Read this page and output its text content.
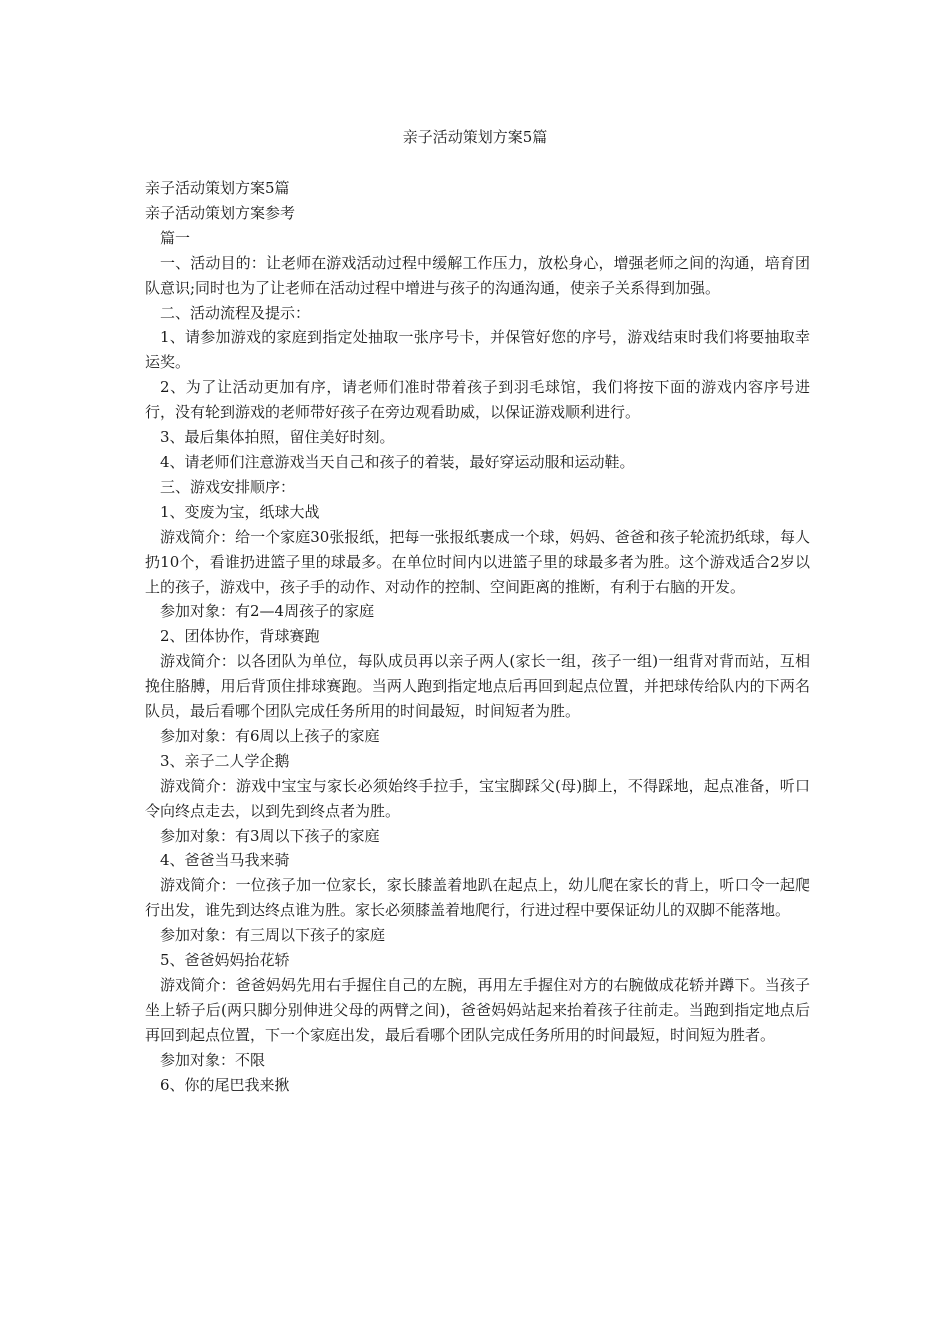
亲子活动策划方案5篇

亲子活动策划方案5篇

亲子活动策划方案参考

篇一

一、活动目的：让老师在游戏活动过程中缓解工作压力，放松身心，增强老师之间的沟通，培育团队意识;同时也为了让老师在活动过程中增进与孩子的沟通沟通，使亲子关系得到加强。

二、活动流程及提示：

1、请参加游戏的家庭到指定处抽取一张序号卡，并保管好您的序号，游戏结束时我们将要抽取幸运奖。

2、为了让活动更加有序，请老师们准时带着孩子到羽毛球馆，我们将按下面的游戏内容序号进行，没有轮到游戏的老师带好孩子在旁边观看助威，以保证游戏顺利进行。

3、最后集体拍照，留住美好时刻。

4、请老师们注意游戏当天自己和孩子的着装，最好穿运动服和运动鞋。

三、游戏安排顺序：

1、变废为宝，纸球大战

游戏简介：给一个家庭30张报纸，把每一张报纸裹成一个球，妈妈、爸爸和孩子轮流扔纸球，每人扔10个，看谁扔进篮子里的球最多。在单位时间内以进篮子里的球最多者为胜。这个游戏适合2岁以上的孩子，游戏中，孩子手的动作、对动作的控制、空间距离的推断，有利于右脑的开发。

参加对象：有2—4周孩子的家庭

2、团体协作，背球赛跑

游戏简介：以各团队为单位，每队成员再以亲子两人(家长一组，孩子一组)一组背对背而站，互相挽住胳膊，用后背顶住排球赛跑。当两人跑到指定地点后再回到起点位置，并把球传给队内的下两名队员，最后看哪个团队完成任务所用的时间最短，时间短者为胜。

参加对象：有6周以上孩子的家庭

3、亲子二人学企鹅

游戏简介：游戏中宝宝与家长必须始终手拉手，宝宝脚踩父(母)脚上，不得踩地，起点准备，听口令向终点走去，以到先到终点者为胜。

参加对象：有3周以下孩子的家庭

4、爸爸当马我来骑

游戏简介：一位孩子加一位家长，家长膝盖着地趴在起点上，幼儿爬在家长的背上，听口令一起爬行出发，谁先到达终点谁为胜。家长必须膝盖着地爬行，行进过程中要保证幼儿的双脚不能落地。

参加对象：有三周以下孩子的家庭

5、爸爸妈妈抬花轿

游戏简介：爸爸妈妈先用右手握住自己的左腕，再用左手握住对方的右腕做成花轿并蹲下。当孩子坐上轿子后(两只脚分别伸进父母的两臂之间)，爸爸妈妈站起来抬着孩子往前走。当跑到指定地点后再回到起点位置，下一个家庭出发，最后看哪个团队完成任务所用的时间最短，时间短为胜者。

参加对象：不限

6、你的尾巴我来揪
